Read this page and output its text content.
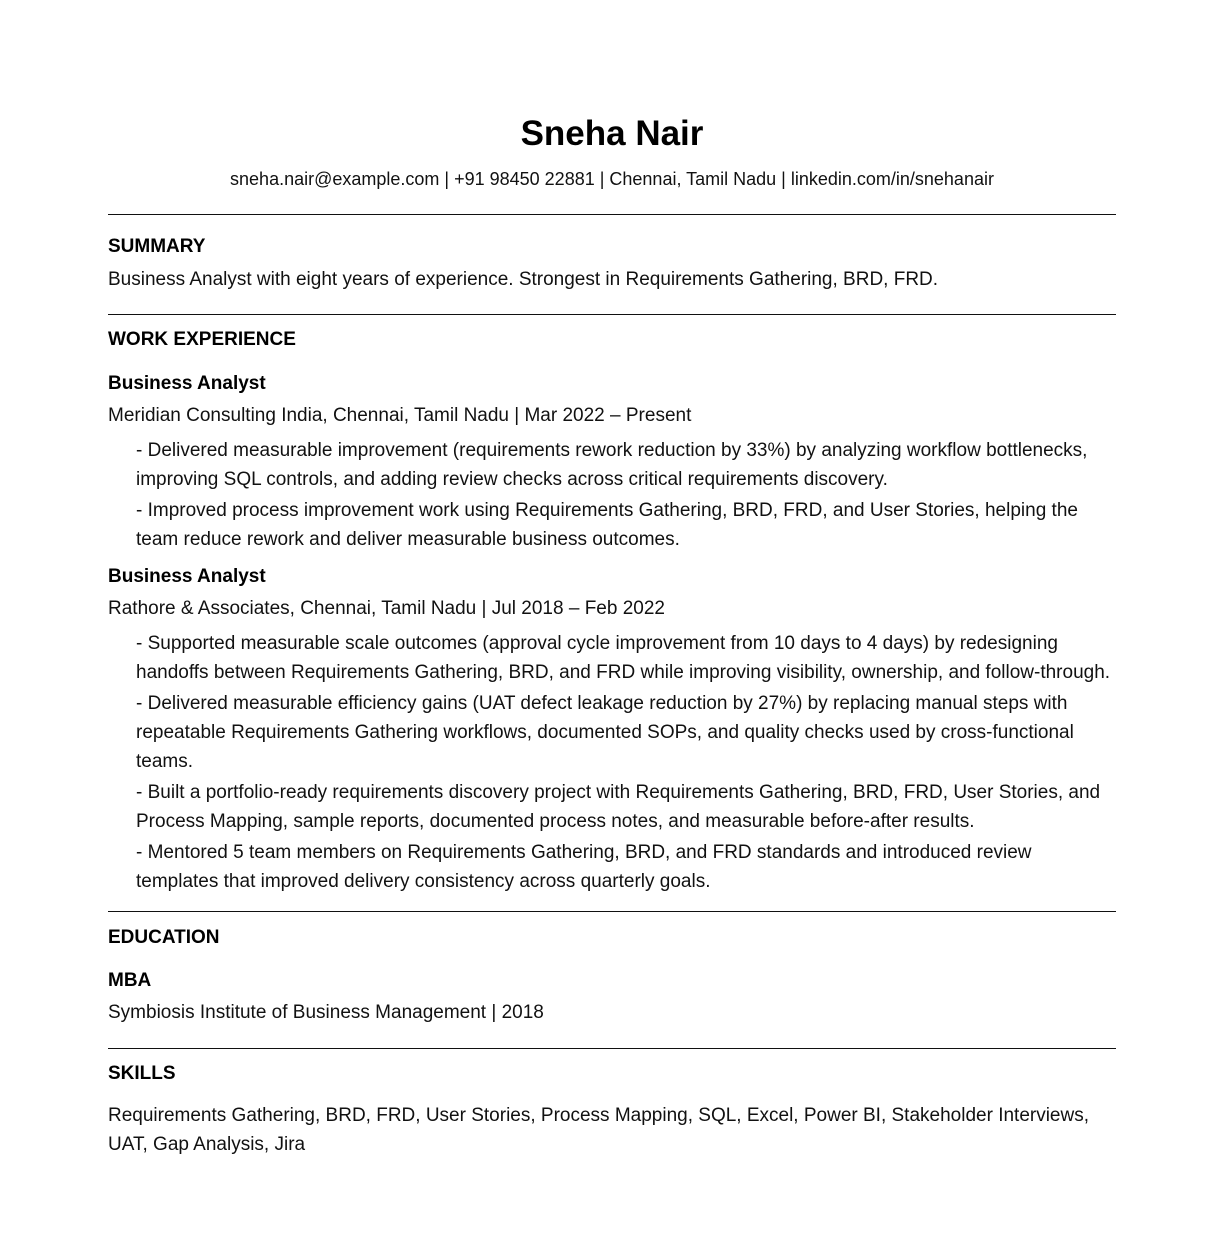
Sneha Nair
sneha.nair@example.com | +91 98450 22881 | Chennai, Tamil Nadu | linkedin.com/in/snehanair
SUMMARY

Business Analyst with eight years of experience. Strongest in Requirements Gathering, BRD, FRD.

WORK EXPERIENCE
Business Analyst
Meridian Consulting India, Chennai, Tamil Nadu | Mar 2022 – Present
- Delivered measurable improvement (requirements rework reduction by 33%) by analyzing workflow bottlenecks, improving SQL controls, and adding review checks across critical requirements discovery.
- Improved process improvement work using Requirements Gathering, BRD, FRD, and User Stories, helping the team reduce rework and deliver measurable business outcomes.
Business Analyst
Rathore & Associates, Chennai, Tamil Nadu | Jul 2018 – Feb 2022
- Supported measurable scale outcomes (approval cycle improvement from 10 days to 4 days) by redesigning handoffs between Requirements Gathering, BRD, and FRD while improving visibility, ownership, and follow-through.
- Delivered measurable efficiency gains (UAT defect leakage reduction by 27%) by replacing manual steps with repeatable Requirements Gathering workflows, documented SOPs, and quality checks used by cross-functional teams.
- Built a portfolio-ready requirements discovery project with Requirements Gathering, BRD, FRD, User Stories, and Process Mapping, sample reports, documented process notes, and measurable before-after results.
- Mentored 5 team members on Requirements Gathering, BRD, and FRD standards and introduced review templates that improved delivery consistency across quarterly goals.
EDUCATION
MBA
Symbiosis Institute of Business Management | 2018
SKILLS

Requirements Gathering, BRD, FRD, User Stories, Process Mapping, SQL, Excel, Power BI, Stakeholder Interviews, UAT, Gap Analysis, Jira
